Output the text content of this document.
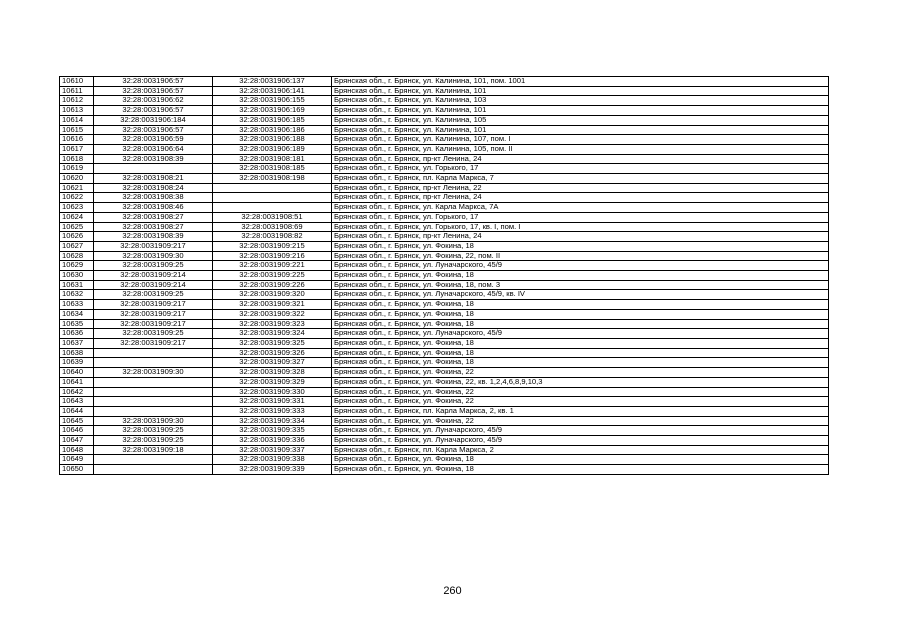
10610	32:28:0031906:57	32:28:0031906:137	Брянская обл., г. Брянск, ул. Калинина, 101, пом. 1001
10611	32:28:0031906:57	32:28:0031906:141	Брянская обл., г. Брянск, ул. Калинина, 101
10612	32:28:0031906:62	32:28:0031906:155	Брянская обл., г. Брянск, ул. Калинина, 103
10613	32:28:0031906:57	32:28:0031906:169	Брянская обл., г. Брянск, ул. Калинина, 101
10614	32:28:0031906:184	32:28:0031906:185	Брянская обл., г. Брянск, ул. Калинина, 105
10615	32:28:0031906:57	32:28:0031906:186	Брянская обл., г. Брянск, ул. Калинина, 101
10616	32:28:0031906:59	32:28:0031906:188	Брянская обл., г. Брянск, ул. Калинина, 107, пом. I
10617	32:28:0031906:64	32:28:0031906:189	Брянская обл., г. Брянск, ул. Калинина, 105, пом. II
10618	32:28:0031908:39	32:28:0031908:181	Брянская обл., г. Брянск, пр-кт Ленина, 24
10619		32:28:0031908:185	Брянская обл., г. Брянск, ул. Горького, 17
10620	32:28:0031908:21	32:28:0031908:198	Брянская обл., г. Брянск, пл. Карла Маркса, 7
10621	32:28:0031908:24		Брянская обл., г. Брянск, пр-кт Ленина, 22
10622	32:28:0031908:38		Брянская обл., г. Брянск, пр-кт Ленина, 24
10623	32:28:0031908:46		Брянская обл., г. Брянск, ул. Карла Маркса, 7А
10624	32:28:0031908:27	32:28:0031908:51	Брянская обл., г. Брянск, ул. Горького, 17
10625	32:28:0031908:27	32:28:0031908:69	Брянская обл., г. Брянск, ул. Горького, 17, кв. I, пом. I
10626	32:28:0031908:39	32:28:0031908:82	Брянская обл., г. Брянск, пр-кт Ленина, 24
10627	32:28:0031909:217	32:28:0031909:215	Брянская обл., г. Брянск, ул. Фокина, 18
10628	32:28:0031909:30	32:28:0031909:216	Брянская обл., г. Брянск, ул. Фокина, 22, пом. II
10629	32:28:0031909:25	32:28:0031909:221	Брянская обл., г. Брянск, ул. Луначарского, 45/9
10630	32:28:0031909:214	32:28:0031909:225	Брянская обл., г. Брянск, ул. Фокина, 18
10631	32:28:0031909:214	32:28:0031909:226	Брянская обл., г. Брянск, ул. Фокина, 18, пом. 3
10632	32:28:0031909:25	32:28:0031909:320	Брянская обл., г. Брянск, ул. Луначарского, 45/9, кв. IV
10633	32:28:0031909:217	32:28:0031909:321	Брянская обл., г. Брянск, ул. Фокина, 18
10634	32:28:0031909:217	32:28:0031909:322	Брянская обл., г. Брянск, ул. Фокина, 18
10635	32:28:0031909:217	32:28:0031909:323	Брянская обл., г. Брянск, ул. Фокина, 18
10636	32:28:0031909:25	32:28:0031909:324	Брянская обл., г. Брянск, ул. Луначарского, 45/9
10637	32:28:0031909:217	32:28:0031909:325	Брянская обл., г. Брянск, ул. Фокина, 18
10638		32:28:0031909:326	Брянская обл., г. Брянск, ул. Фокина, 18
10639		32:28:0031909:327	Брянская обл., г. Брянск, ул. Фокина, 18
10640	32:28:0031909:30	32:28:0031909:328	Брянская обл., г. Брянск, ул. Фокина, 22
10641		32:28:0031909:329	Брянская обл., г. Брянск, ул. Фокина, 22, кв. 1,2,4,6,8,9,10,3
10642		32:28:0031909:330	Брянская обл., г. Брянск, ул. Фокина, 22
10643		32:28:0031909:331	Брянская обл., г. Брянск, ул. Фокина, 22
10644		32:28:0031909:333	Брянская обл., г. Брянск, пл. Карла Маркса, 2, кв. 1
10645	32:28:0031909:30	32:28:0031909:334	Брянская обл., г. Брянск, ул. Фокина, 22
10646	32:28:0031909:25	32:28:0031909:335	Брянская обл., г. Брянск, ул. Луначарского, 45/9
10647	32:28:0031909:25	32:28:0031909:336	Брянская обл., г. Брянск, ул. Луначарского, 45/9
10648	32:28:0031909:18	32:28:0031909:337	Брянская обл., г. Брянск, пл. Карла Маркса, 2
10649		32:28:0031909:338	Брянская обл., г. Брянск, ул. Фокина, 18
10650		32:28:0031909:339	Брянская обл., г. Брянск, ул. Фокина, 18
260
